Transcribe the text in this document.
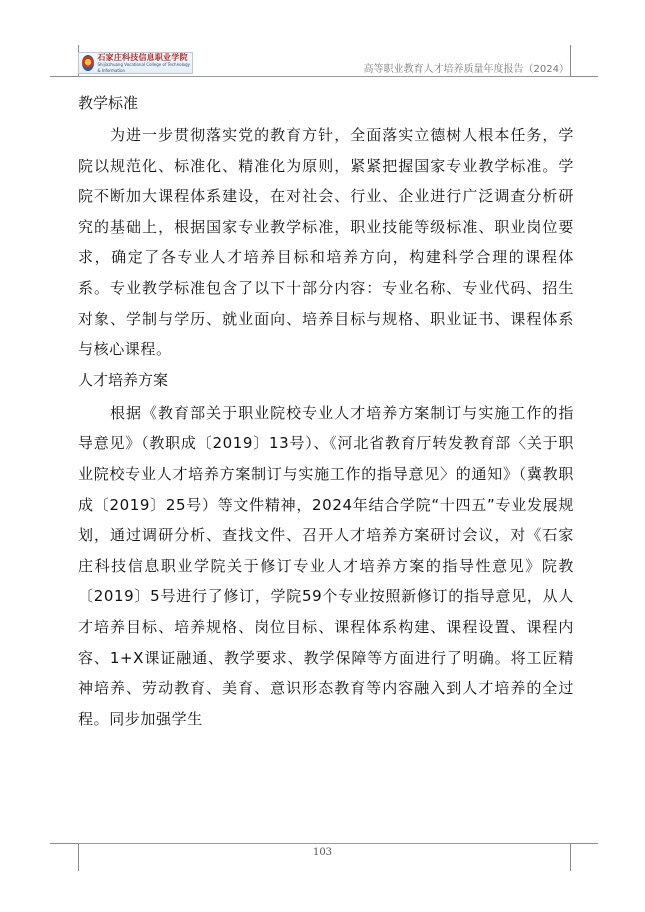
石家庄科技信息职业学院
Shijiazhuang Vocational College of Technology & Information	高等职业教育人才培养质量年度报告（2024）

教学标准

为进一步贯彻落实党的教育方针，全面落实立德树人根本任务，学院以规范化、标准化、精准化为原则，紧紧把握国家专业教学标准。学院不断加大课程体系建设，在对社会、行业、企业进行广泛调查分析研究的基础上，根据国家专业教学标准，职业技能等级标准、职业岗位要求，确定了各专业人才培养目标和培养方向，构建科学合理的课程体系。专业教学标准包含了以下十部分内容：专业名称、专业代码、招生对象、学制与学历、就业面向、培养目标与规格、职业证书、课程体系与核心课程。

人才培养方案

根据《教育部关于职业院校专业人才培养方案制订与实施工作的指导意见》（教职成〔2019〕13号）、《河北省教育厅转发教育部〈关于职业院校专业人才培养方案制订与实施工作的指导意见〉的通知》（冀教职成〔2019〕25号）等文件精神，2024年结合学院“十四五”专业发展规划，通过调研分析、查找文件、召开人才培养方案研讨会议，对《石家庄科技信息职业学院关于修订专业人才培养方案的指导性意见》院教〔2019〕5号进行了修订，学院59个专业按照新修订的指导意见，从人才培养目标、培养规格、岗位目标、课程体系构建、课程设置、课程内容、1+X课证融通、教学要求、教学保障等方面进行了明确。将工匠精神培养、劳动教育、美育、意识形态教育等内容融入到人才培养的全过程。同步加强学生

103
